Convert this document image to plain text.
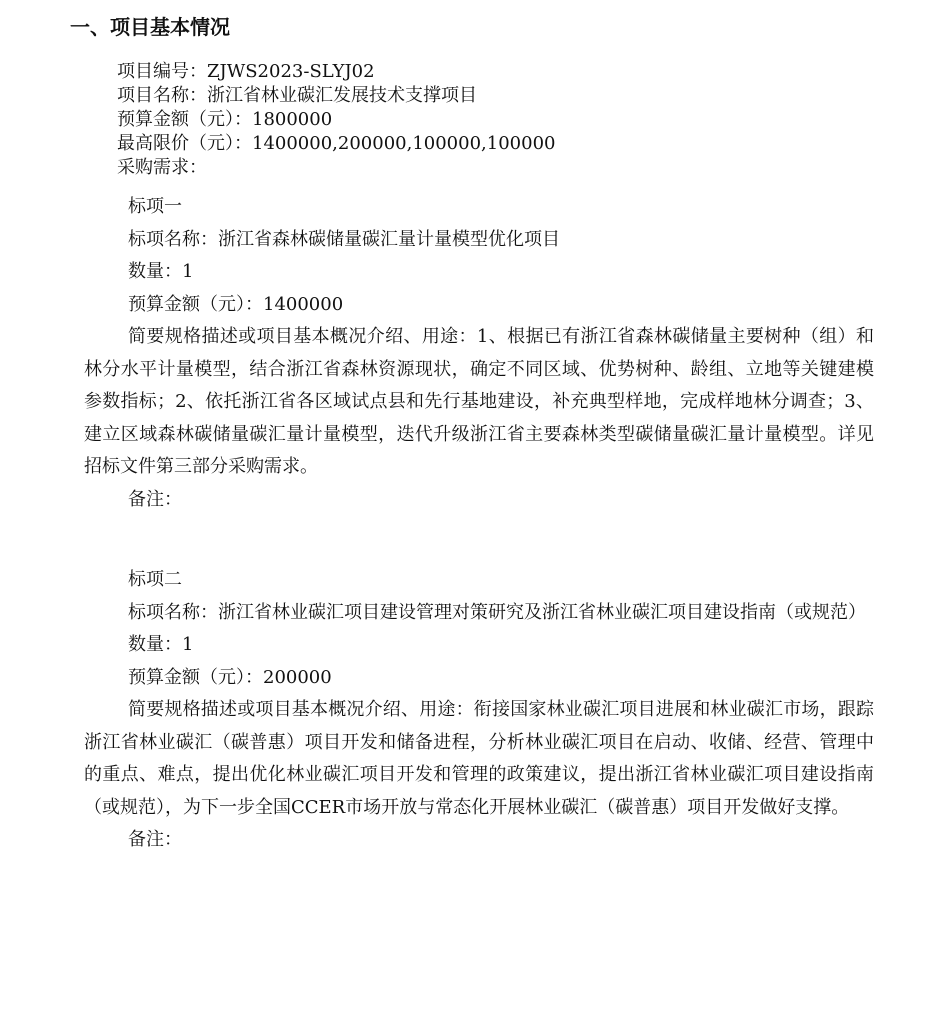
一、项目基本情况
项目编号：ZJWS2023-SLYJ02
项目名称：浙江省林业碳汇发展技术支撑项目
预算金额（元）：1800000
最高限价（元）：1400000,200000,100000,100000
采购需求：
标项一
标项名称：浙江省森林碳储量碳汇量计量模型优化项目
数量：1
预算金额（元）：1400000
简要规格描述或项目基本概况介绍、用途：1、根据已有浙江省森林碳储量主要树种（组）和林分水平计量模型，结合浙江省森林资源现状，确定不同区域、优势树种、龄组、立地等关键建模参数指标；2、依托浙江省各区域试点县和先行基地建设，补充典型样地，完成样地林分调查；3、建立区域森林碳储量碳汇量计量模型，迭代升级浙江省主要森林类型碳储量碳汇量计量模型。详见招标文件第三部分采购需求。
备注：
标项二
标项名称：浙江省林业碳汇项目建设管理对策研究及浙江省林业碳汇项目建设指南（或规范）
数量：1
预算金额（元）：200000
简要规格描述或项目基本概况介绍、用途：衔接国家林业碳汇项目进展和林业碳汇市场，跟踪浙江省林业碳汇（碳普惠）项目开发和储备进程，分析林业碳汇项目在启动、收储、经营、管理中的重点、难点，提出优化林业碳汇项目开发和管理的政策建议，提出浙江省林业碳汇项目建设指南（或规范），为下一步全国CCER市场开放与常态化开展林业碳汇（碳普惠）项目开发做好支撑。
备注：
